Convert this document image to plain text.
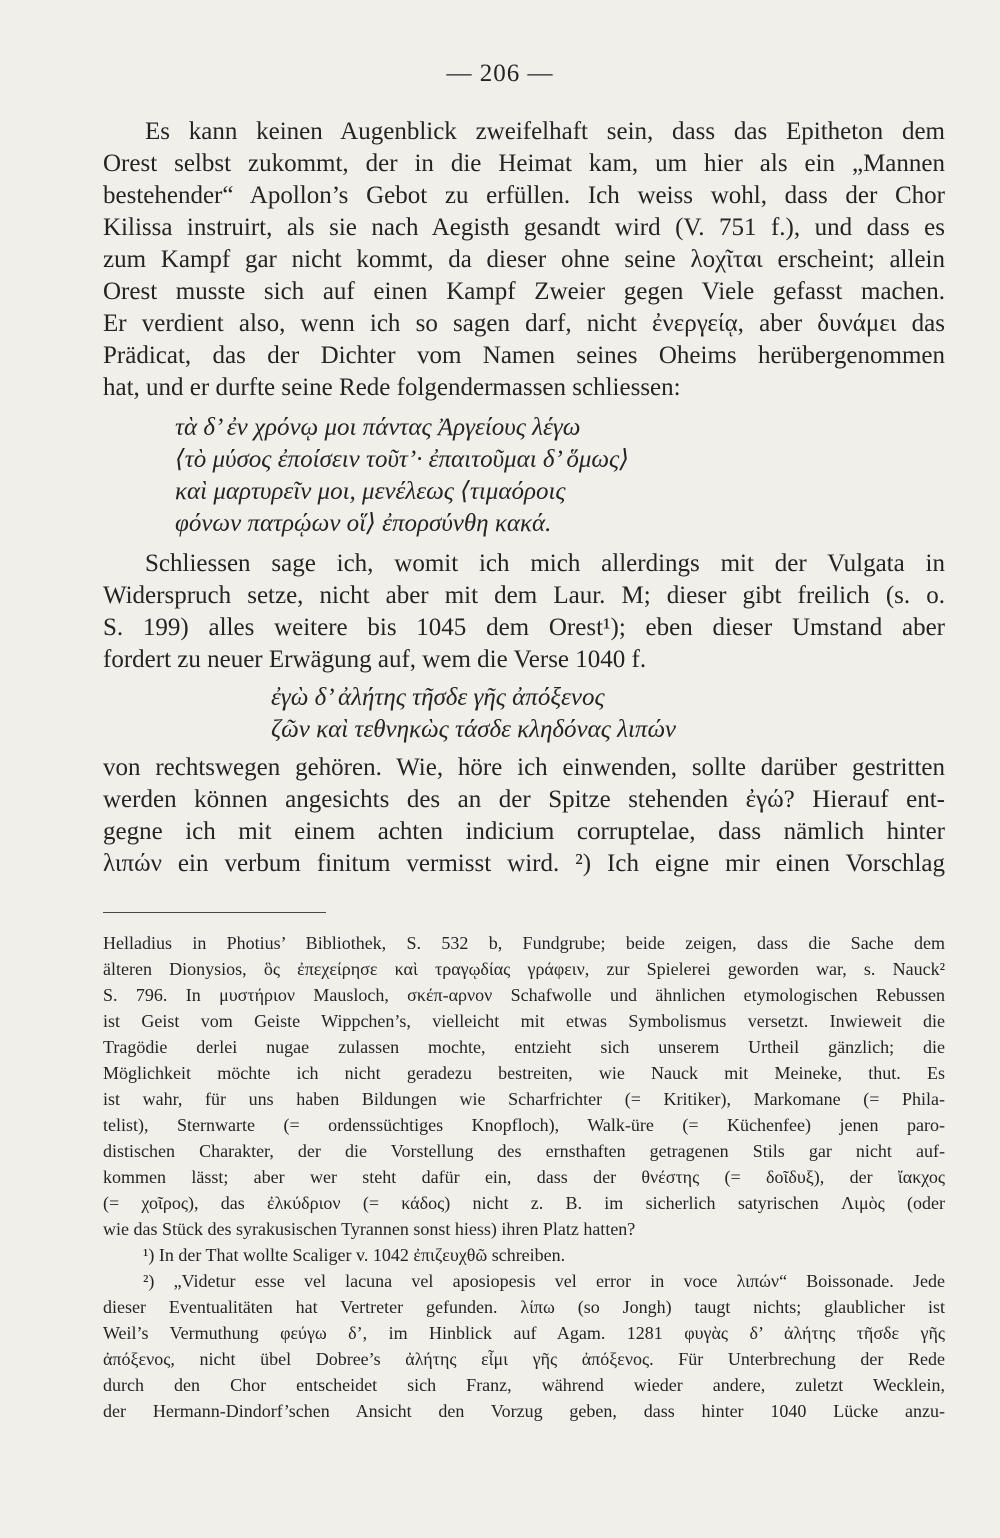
— 206 —
Es kann keinen Augenblick zweifelhaft sein, dass das Epitheton dem
Orest selbst zukommt, der in die Heimat kam, um hier als ein „Mannen
bestehender“ Apollon’s Gebot zu erfüllen. Ich weiss wohl, dass der Chor
Kilissa instruirt, als sie nach Aegisth gesandt wird (V. 751 f.), und dass es
zum Kampf gar nicht kommt, da dieser ohne seine λοχῖται erscheint; allein
Orest musste sich auf einen Kampf Zweier gegen Viele gefasst machen.
Er verdient also, wenn ich so sagen darf, nicht ἐνεργείᾳ, aber δυνάμει das
Prädicat, das der Dichter vom Namen seines Oheims herübergenommen
hat, und er durfte seine Rede folgendermassen schliessen:
τὰ δ’ ἐν χρόνῳ μοι πάντας Ἀργείους λέγω
⟨τὸ μύσος ἐποίσειν τοῦτ’· ἐπαιτοῦμαι δ’ ὅμως⟩
καὶ μαρτυρεῖν μοι, μενέλεως ⟨τιμαόροις
φόνων πατρῴων οἵ⟩ ἐπορσύνθη κακά.
Schliessen sage ich, womit ich mich allerdings mit der Vulgata in
Widerspruch setze, nicht aber mit dem Laur. M; dieser gibt freilich (s. o.
S. 199) alles weitere bis 1045 dem Orest¹); eben dieser Umstand aber
fordert zu neuer Erwägung auf, wem die Verse 1040 f.
ἐγὼ δ’ ἀλήτης τῆσδε γῆς ἀπόξενος
ζῶν καὶ τεθνηκὼς τάσδε κληδόνας λιπών
von rechtswegen gehören. Wie, höre ich einwenden, sollte darüber gestritten
werden können angesichts des an der Spitze stehenden ἐγώ? Hierauf ent-
gegne ich mit einem achten indicium corruptelae, dass nämlich hinter
λιπών ein verbum finitum vermisst wird. ²) Ich eigne mir einen Vorschlag
Helladius in Photius’ Bibliothek, S. 532 b, Fundgrube; beide zeigen, dass die Sache dem
älteren Dionysios, ὃς ἐπεχείρησε καὶ τραγῳδίας γράφειν, zur Spielerei geworden war, s. Nauck²
S. 796. In μυστήριον Mausloch, σκέπ-αρνον Schafwolle und ähnlichen etymologischen Rebussen
ist Geist vom Geiste Wippchen’s, vielleicht mit etwas Symbolismus versetzt. Inwieweit die
Tragödie derlei nugae zulassen mochte, entzieht sich unserem Urtheil gänzlich; die
Möglichkeit möchte ich nicht geradezu bestreiten, wie Nauck mit Meineke, thut. Es
ist wahr, für uns haben Bildungen wie Scharfrichter (= Kritiker), Markomane (= Phila-
telist), Sternwarte (= ordenssüchtiges Knopfloch), Walk-üre (= Küchenfee) jenen paro-
distischen Charakter, der die Vorstellung des ernsthaften getragenen Stils gar nicht auf-
kommen lässt; aber wer steht dafür ein, dass der θνέστης (= δοῖδυξ), der ἴακχος
(= χοῖρος), das ἐλκύδριον (= κάδος) nicht z. B. im sicherlich satyrischen Λιμὸς (oder
wie das Stück des syrakusischen Tyrannen sonst hiess) ihren Platz hatten?
¹) In der That wollte Scaliger v. 1042 ἐπιζευχθῶ schreiben.
²) „Videtur esse vel lacuna vel aposiopesis vel error in voce λιπών“ Boissonade. Jede
dieser Eventualitäten hat Vertreter gefunden. λίπω (so Jongh) taugt nichts; glaublicher ist
Weil’s Vermuthung φεύγω δ’, im Hinblick auf Agam. 1281 φυγὰς δ’ ἀλήτης τῆσδε γῆς
ἀπόξενος, nicht übel Dobree’s ἀλήτης εἶμι γῆς ἀπόξενος. Für Unterbrechung der Rede
durch den Chor entscheidet sich Franz, während wieder andere, zuletzt Wecklein,
der Hermann-Dindorf’schen Ansicht den Vorzug geben, dass hinter 1040 Lücke anzu-
